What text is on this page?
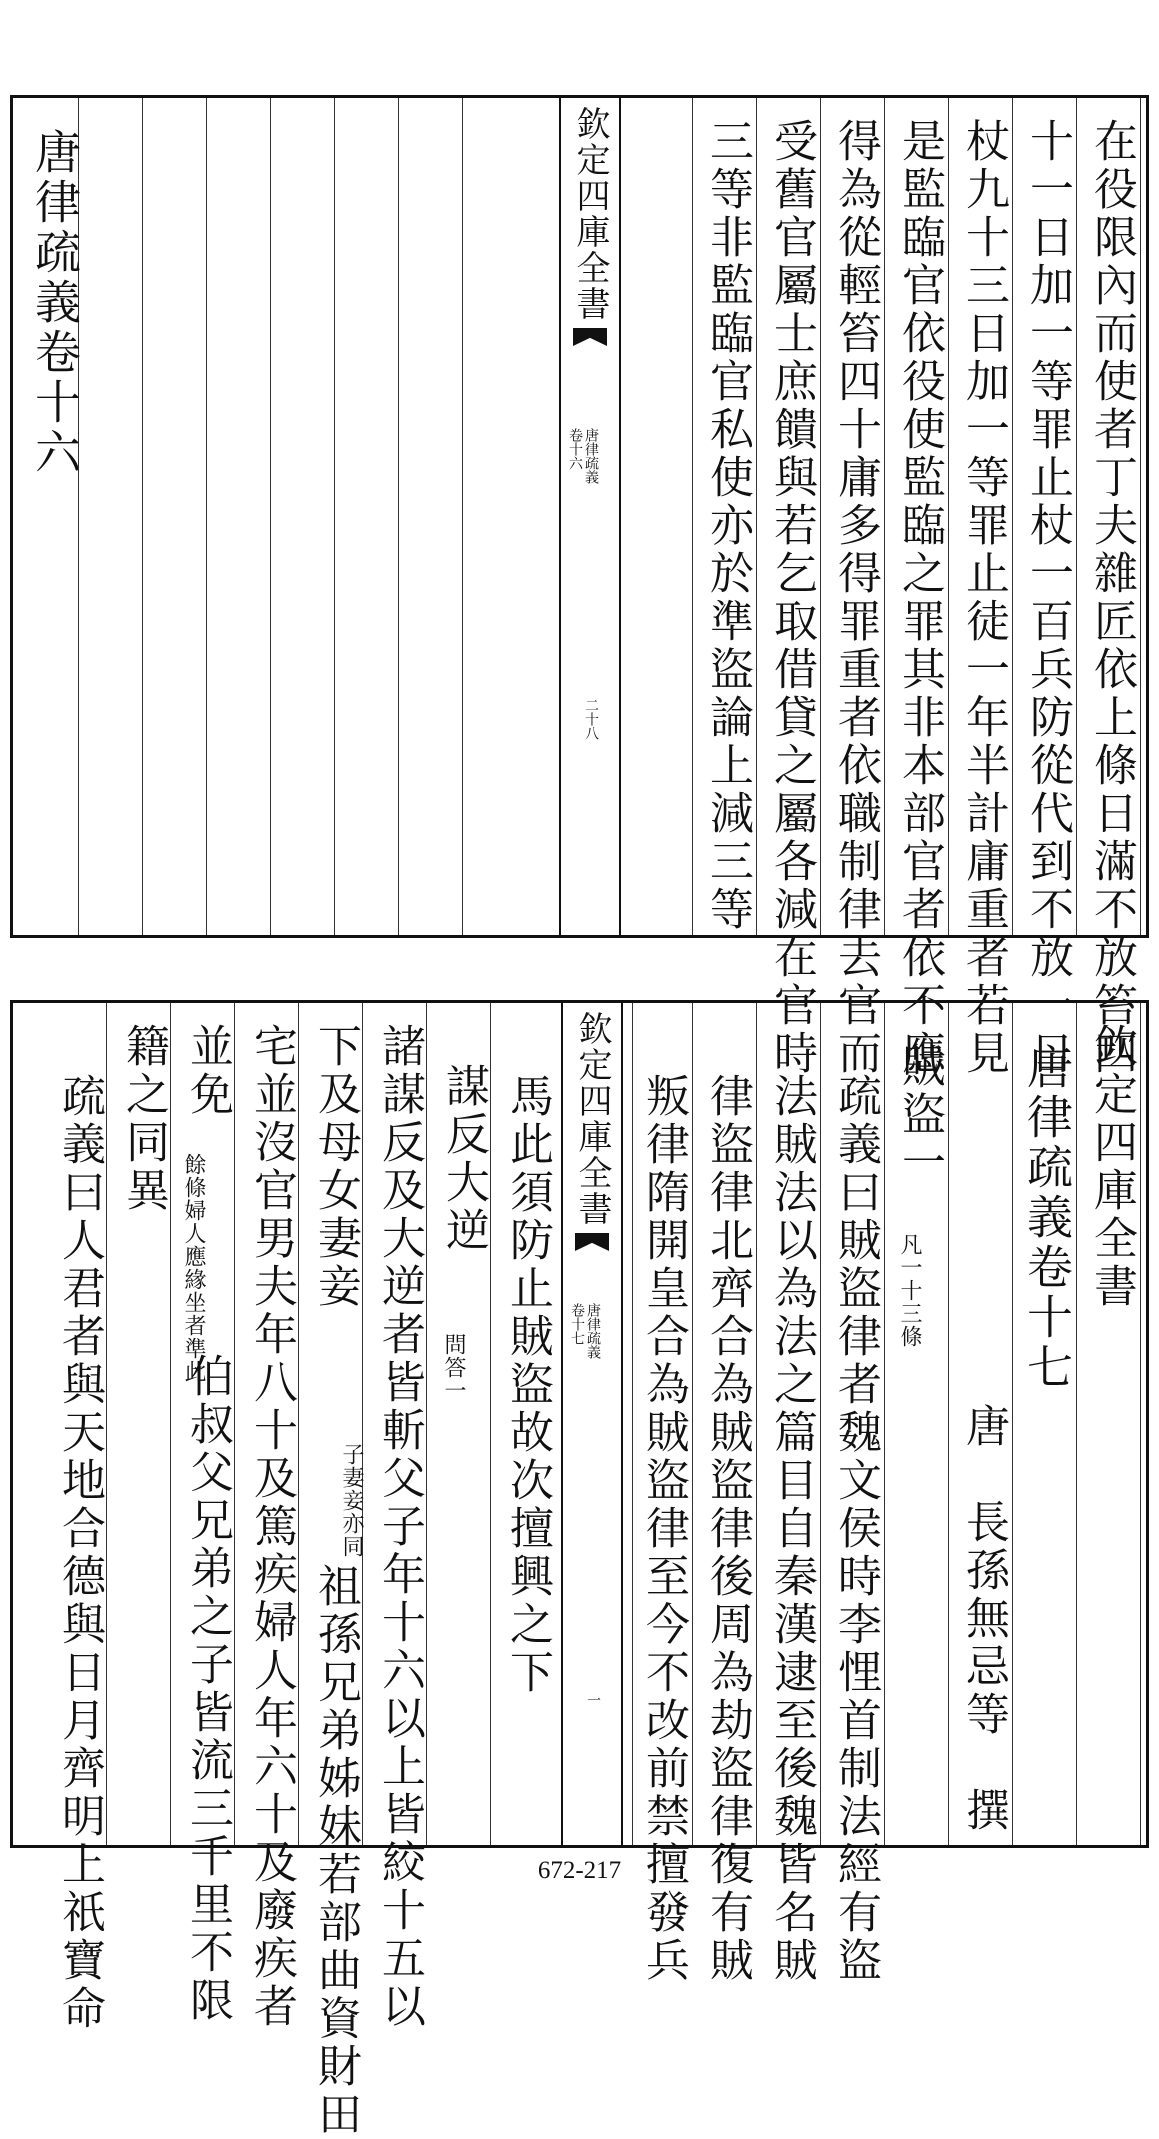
在役限內而使者丁夫雜匠依上條日滿不放笞四
十一日加一等罪止杖一百兵防從代到不放一日
杖九十三日加一等罪止徒一年半計庸重者若見
是監臨官依役使監臨之罪其非本部官者依不應
得為從輕笞四十庸多得罪重者依職制律去官而
受舊官屬士庶饋與若乞取借貸之屬各減在官時
三等非監臨官私使亦於準盜論上減三等
欽定四庫全書
唐律疏義
卷十六
二十八
唐律疏義卷十六
欽定四庫全書
唐律疏義卷十七
唐　長孫無忌等　撰
賊盜一
凡一十三條
疏義曰賊盜律者魏文侯時李悝首制法經有盜
法賊法以為法之篇目自秦漢逮至後魏皆名賊
律盜律北齊合為賊盜律後周為劫盜律復有賊
叛律隋開皇合為賊盜律至今不改前禁擅發兵
欽定四庫全書
唐律疏義
卷十七
一
馬此須防止賊盜故次擅興之下
謀反大逆
問答一
諸謀反及大逆者皆斬父子年十六以上皆絞十五以
下及母女妻妾
子妻妾亦同
祖孫兄弟姊妹若部曲資財田
宅並沒官男夫年八十及篤疾婦人年六十及廢疾者
並免
餘條婦人應緣坐者準此
伯叔父兄弟之子皆流三千里不限
籍之同異
疏義曰人君者與天地合德與日月齊明上祇寶命	672-217
